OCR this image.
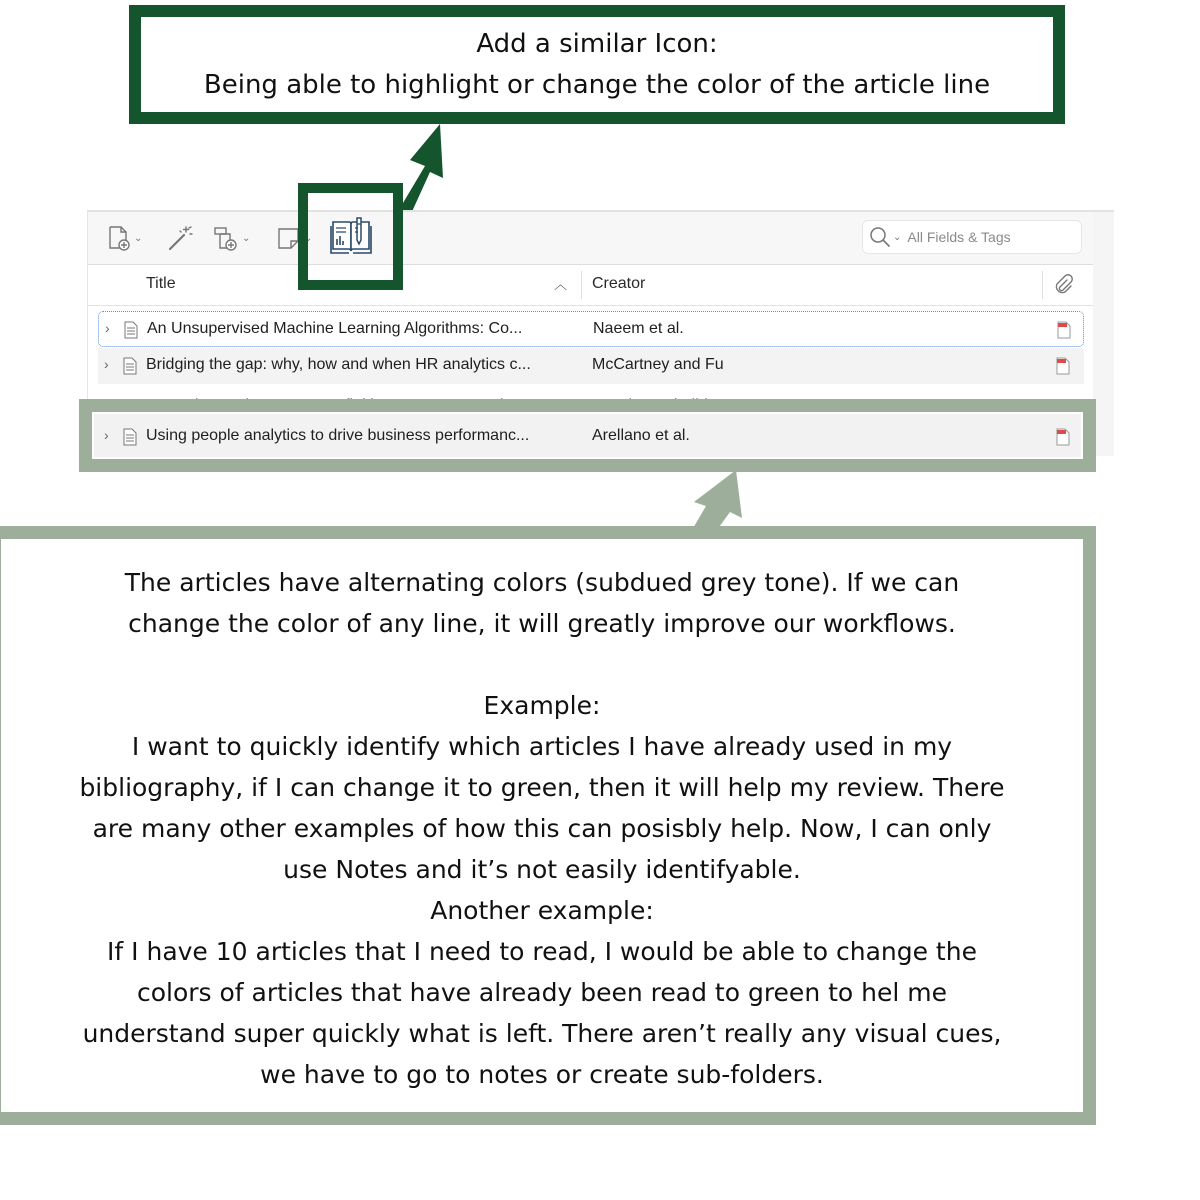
Add a similar Icon:
Being able to highlight or change the color of the article line
⌄	⌄	⌄	⌄ All Fields & Tags
Title	︿ Creator
› An Unsupervised Machine Learning Algorithms: Co...	Naeem et al.
› Bridging the gap: why, how and when HR analytics c...	McCartney and Fu
› Using people analytics to drive business performanc...	Arellano et al.

The articles have alternating colors (subdued grey tone). If we can

change the color of any line, it will greatly improve our workflows.

Example:

I want to quickly identify which articles I have already used in my

bibliography, if I can change it to green, then it will help my review. There

are many other examples of how this can posisbly help. Now, I can only

use Notes and it’s not easily identifyable.

Another example:

If I have 10 articles that I need to read, I would be able to change the

colors of articles that have already been read to green to hel me

understand super quickly what is left. There aren’t really any visual cues,

we have to go to notes or create sub-folders.
